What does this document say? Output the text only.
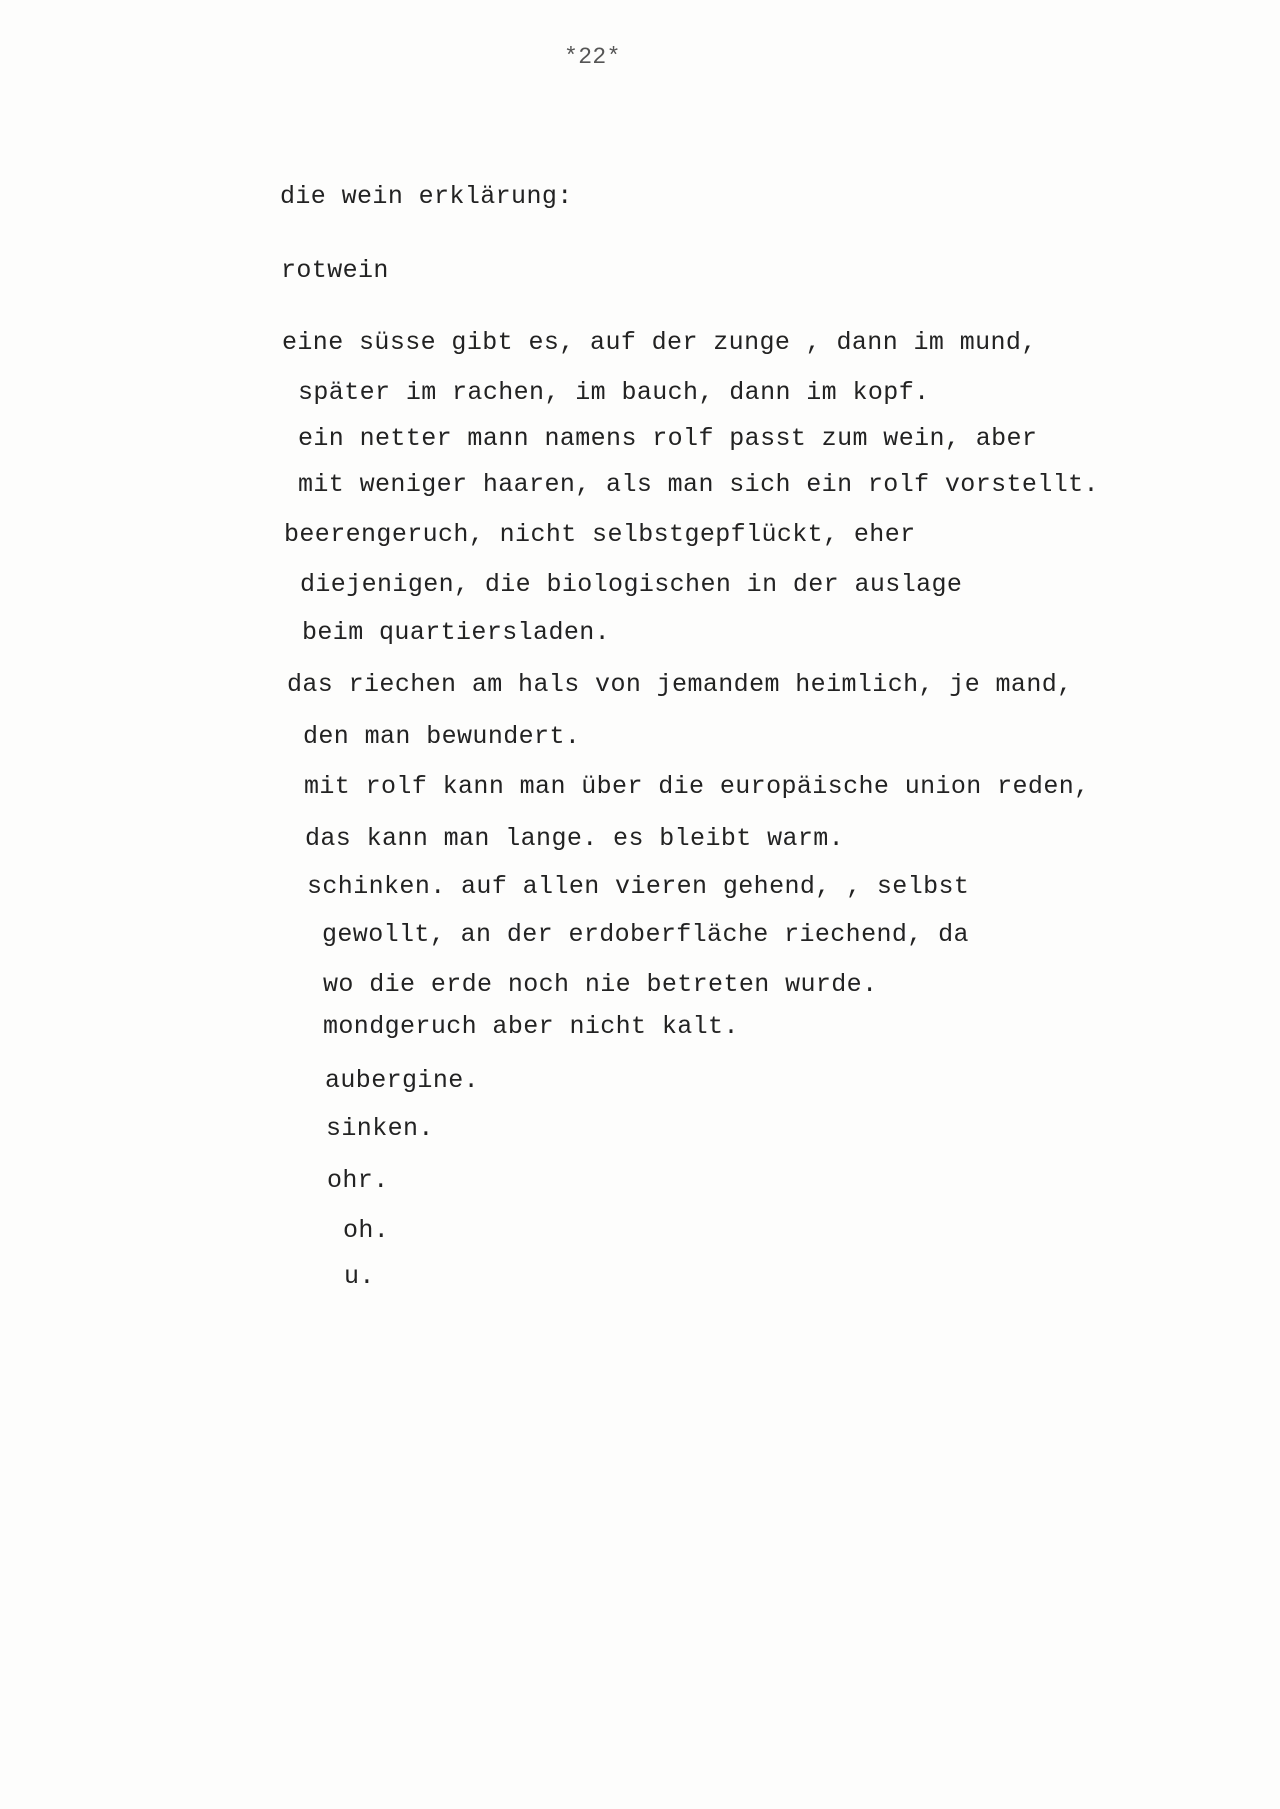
*22*
die wein erklärung:
rotwein
eine süsse gibt es, auf der zunge , dann im mund,
später im rachen, im bauch, dann im kopf.
ein netter mann namens rolf passt zum wein, aber
mit weniger haaren, als man sich ein rolf vorstellt.
beerengeruch, nicht selbstgepflückt, eher
diejenigen, die biologischen in der auslage
beim quartiersladen.
das riechen am hals von jemandem heimlich, je mand,
den man bewundert.
mit rolf kann man über die europäische union reden,
das kann man lange. es bleibt warm.
schinken. auf allen vieren gehend, , selbst
gewollt, an der erdoberfläche riechend, da
wo die erde noch nie betreten wurde.
mondgeruch aber nicht kalt.
aubergine.
sinken.
ohr.
oh.
u.
